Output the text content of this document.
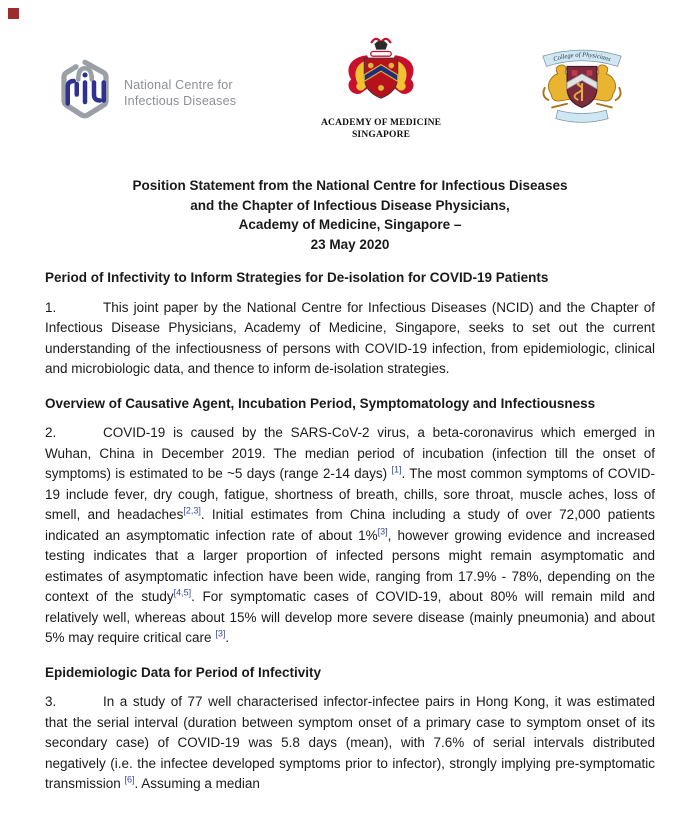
National Centre for
Infectious Diseases
ACADEMY OF MEDICINE
SINGAPORE
College of Physicians
Position Statement from the National Centre for Infectious Diseases
and the Chapter of Infectious Disease Physicians,
Academy of Medicine, Singapore –
23 May 2020
Period of Infectivity to Inform Strategies for De-isolation for COVID-19 Patients

1.	This joint paper by the National Centre for Infectious Diseases (NCID) and the Chapter of Infectious Disease Physicians, Academy of Medicine, Singapore, seeks to set out the current understanding of the infectiousness of persons with COVID-19 infection, from epidemiologic, clinical and microbiologic data, and thence to inform de-isolation strategies.

Overview of Causative Agent, Incubation Period, Symptomatology and Infectiousness

2.	COVID-19 is caused by the SARS-CoV-2 virus, a beta-coronavirus which emerged in Wuhan, China in December 2019. The median period of incubation (infection till the onset of symptoms) is estimated to be ~5 days (range 2-14 days) [1]. The most common symptoms of COVID-19 include fever, dry cough, fatigue, shortness of breath, chills, sore throat, muscle aches, loss of smell, and headaches[2,3]. Initial estimates from China including a study of over 72,000 patients indicated an asymptomatic infection rate of about 1%[3], however growing evidence and increased testing indicates that a larger proportion of infected persons might remain asymptomatic and estimates of asymptomatic infection have been wide, ranging from 17.9% - 78%, depending on the context of the study[4,5]. For symptomatic cases of COVID-19, about 80% will remain mild and relatively well, whereas about 15% will develop more severe disease (mainly pneumonia) and about 5% may require critical care [3].

Epidemiologic Data for Period of Infectivity

3.	In a study of 77 well characterised infector-infectee pairs in Hong Kong, it was estimated that the serial interval (duration between symptom onset of a primary case to symptom onset of its secondary case) of COVID-19 was 5.8 days (mean), with 7.6% of serial intervals distributed negatively (i.e. the infectee developed symptoms prior to infector), strongly implying pre-symptomatic transmission [6]. Assuming a median
